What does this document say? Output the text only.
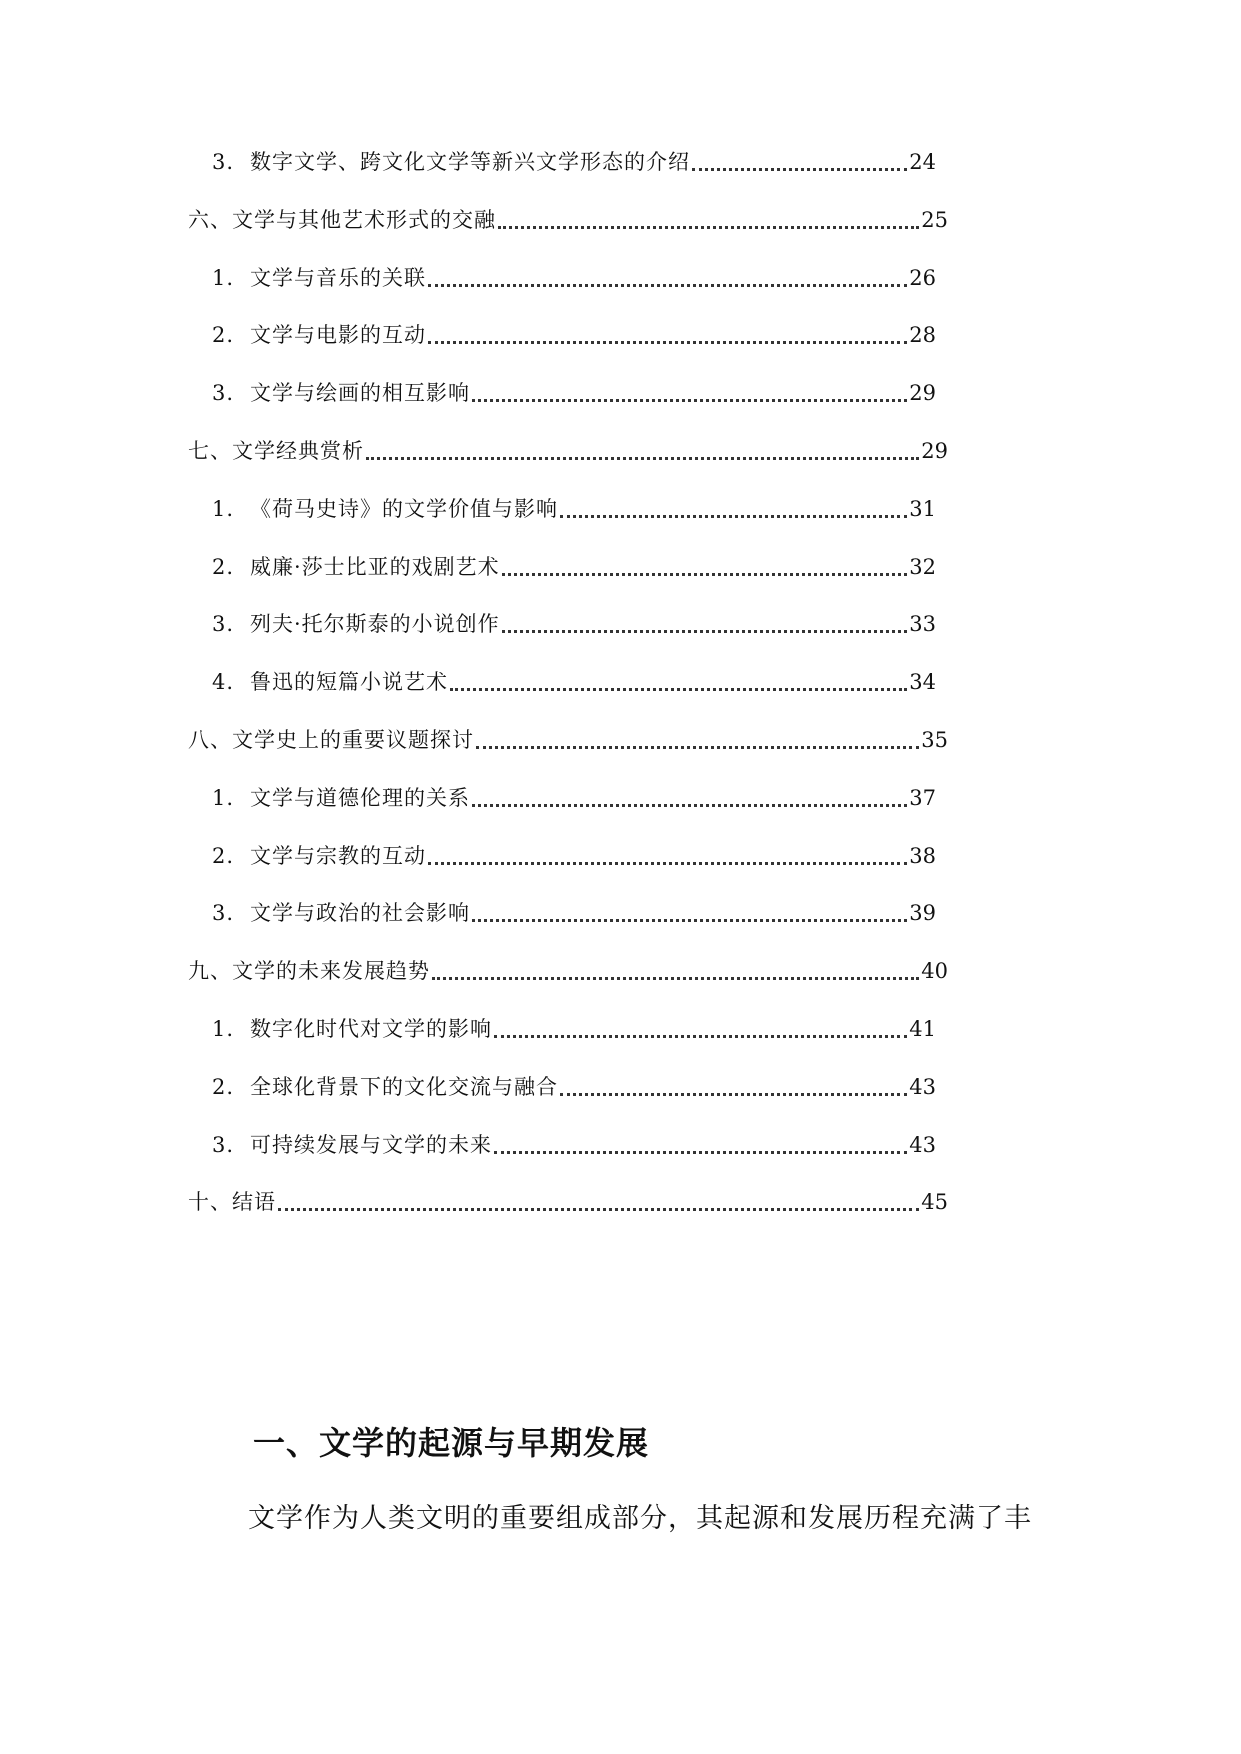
3. 数字文学、跨文化文学等新兴文学形态的介绍	24
六、文学与其他艺术形式的交融	25
1. 文学与音乐的关联	26
2. 文学与电影的互动	28
3. 文学与绘画的相互影响	29
七、文学经典赏析	29
1. 《荷马史诗》的文学价值与影响	31
2. 威廉·莎士比亚的戏剧艺术	32
3. 列夫·托尔斯泰的小说创作	33
4. 鲁迅的短篇小说艺术	34
八、文学史上的重要议题探讨	35
1. 文学与道德伦理的关系	37
2. 文学与宗教的互动	38
3. 文学与政治的社会影响	39
九、文学的未来发展趋势	40
1. 数字化时代对文学的影响	41
2. 全球化背景下的文化交流与融合	43
3. 可持续发展与文学的未来	43
十、结语	45
一、文学的起源与早期发展

文学作为人类文明的重要组成部分，其起源和发展历程充满了丰
